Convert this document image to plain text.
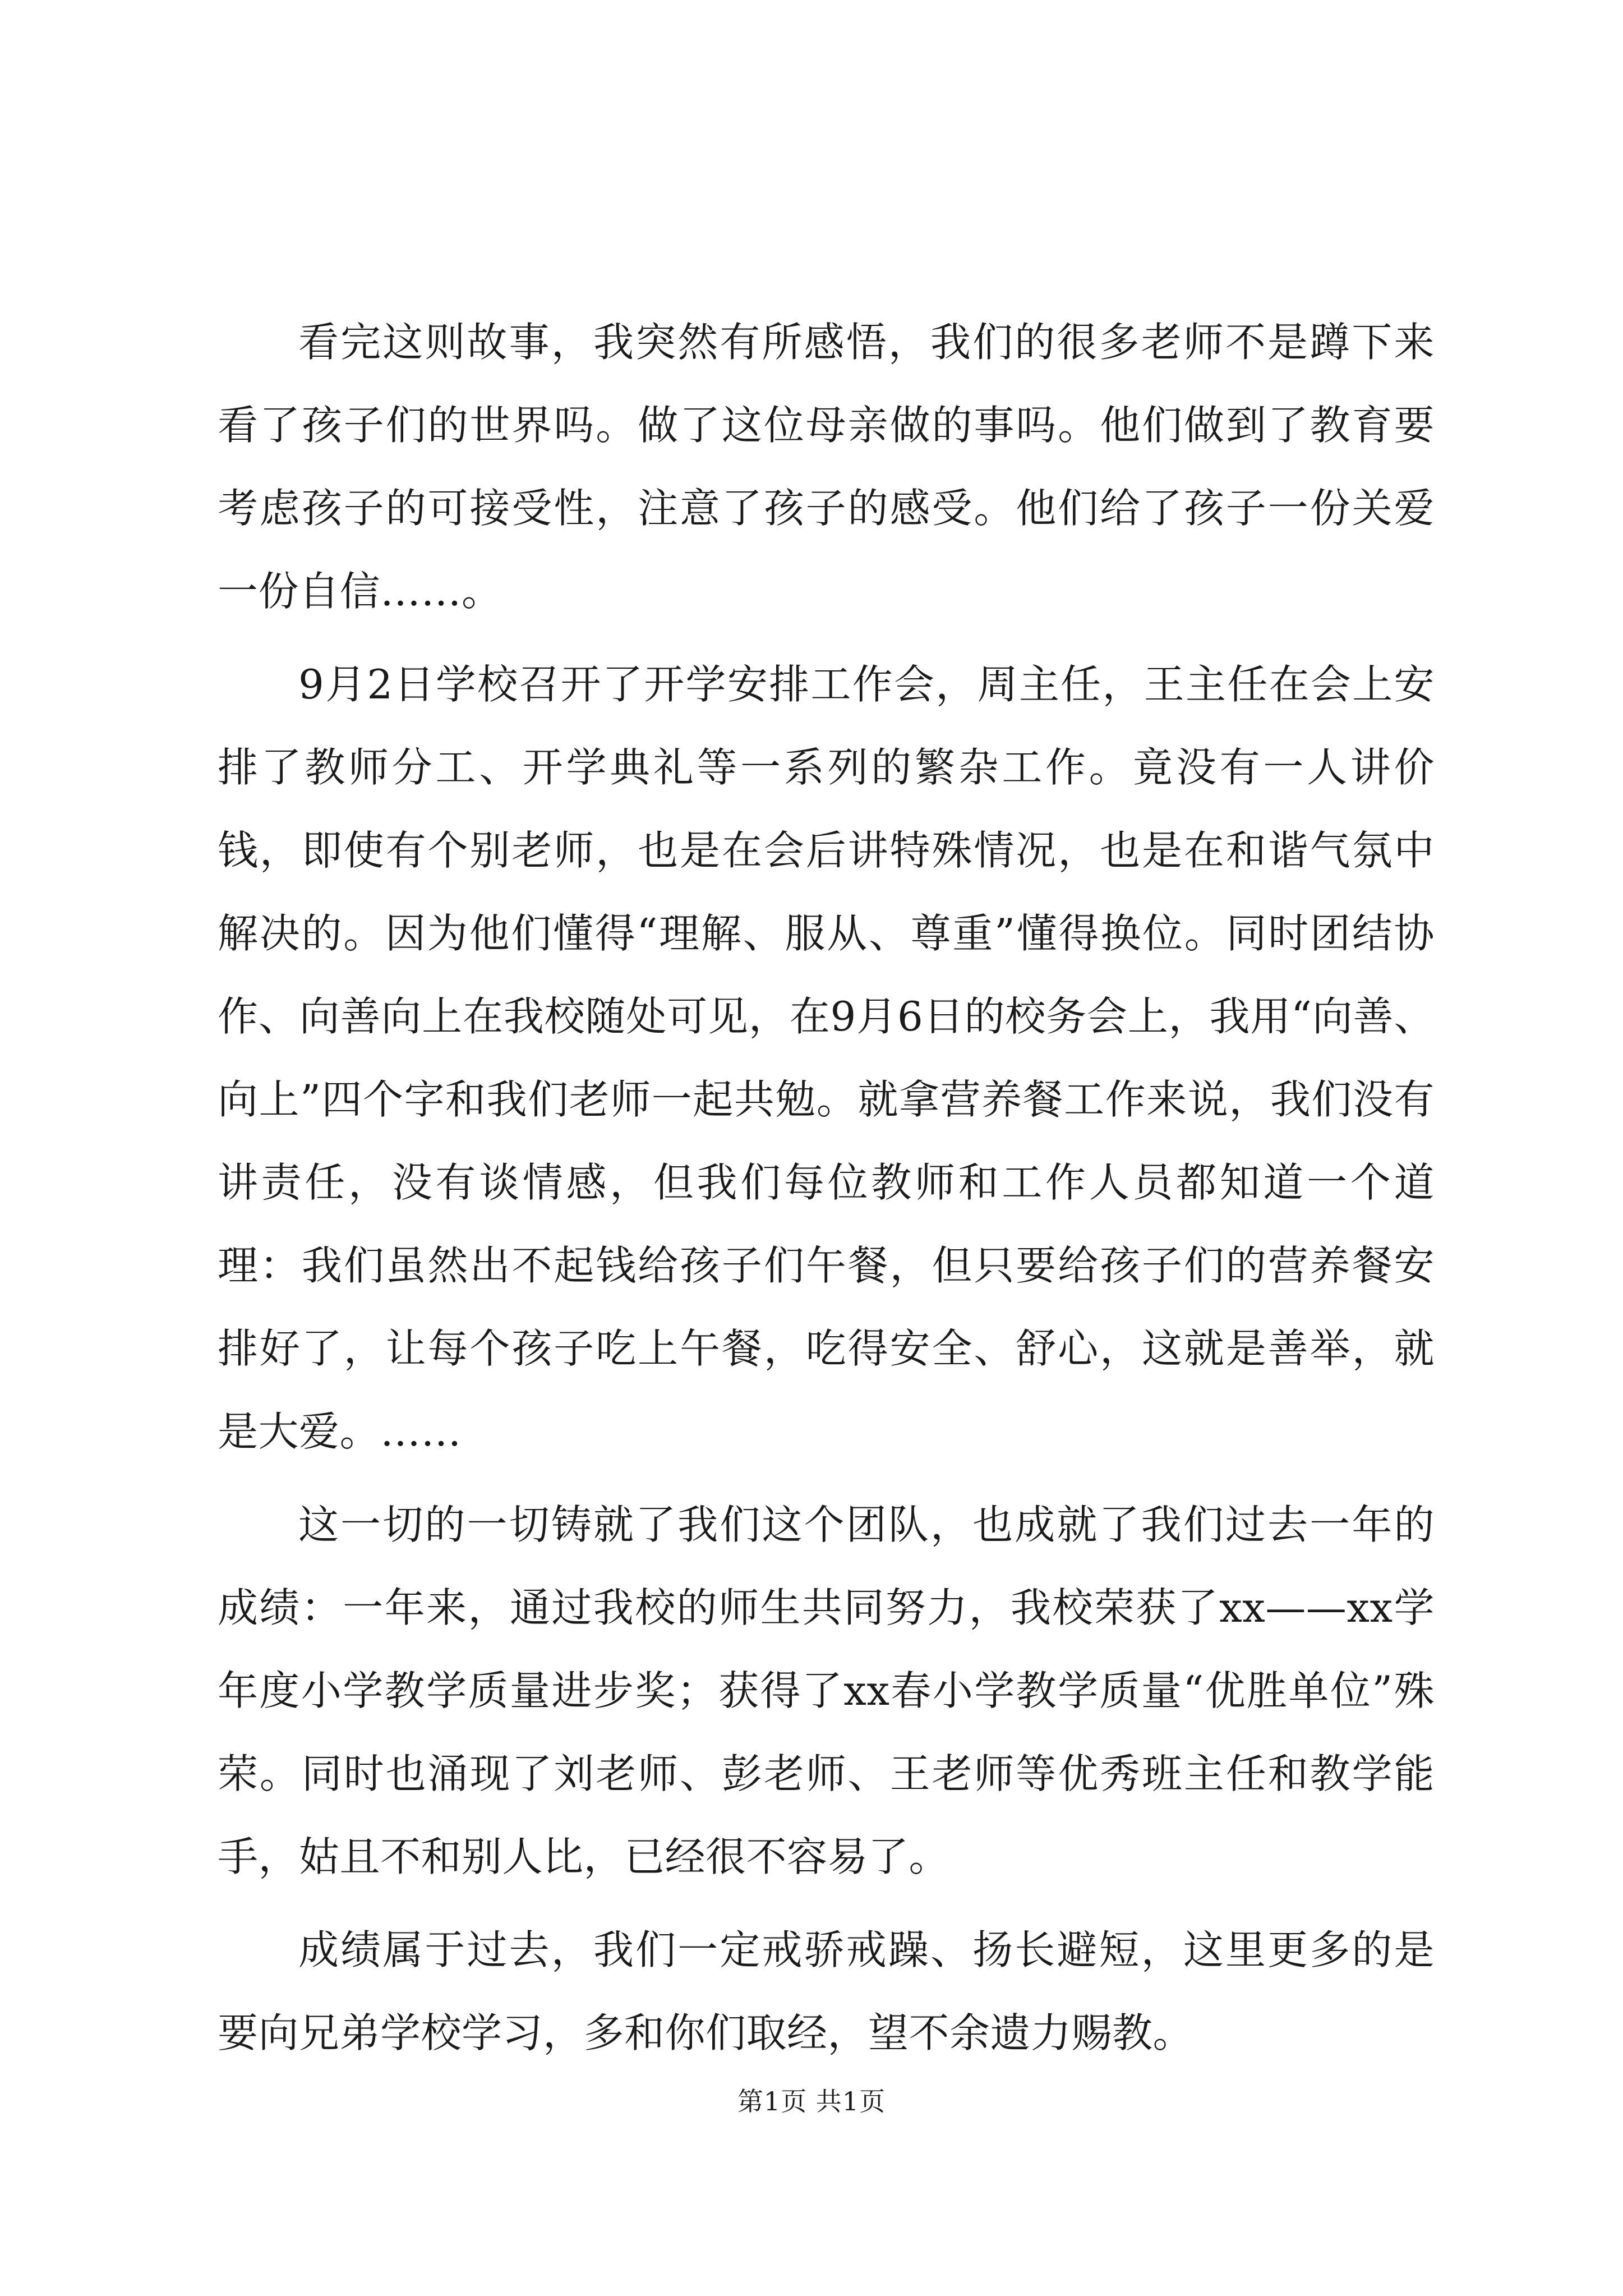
看完这则故事，我突然有所感悟，我们的很多老师不是蹲下来看了孩子们的世界吗。做了这位母亲做的事吗。他们做到了教育要考虑孩子的可接受性，注意了孩子的感受。他们给了孩子一份关爱一份自信……。

9月2日学校召开了开学安排工作会，周主任，王主任在会上安排了教师分工、开学典礼等一系列的繁杂工作。竟没有一人讲价钱，即使有个别老师，也是在会后讲特殊情况，也是在和谐气氛中解决的。因为他们懂得“理解、服从、尊重”懂得换位。同时团结协作、向善向上在我校随处可见，在9月6日的校务会上，我用“向善、向上”四个字和我们老师一起共勉。就拿营养餐工作来说，我们没有讲责任，没有谈情感，但我们每位教师和工作人员都知道一个道理：我们虽然出不起钱给孩子们午餐，但只要给孩子们的营养餐安排好了，让每个孩子吃上午餐，吃得安全、舒心，这就是善举，就是大爱。……

这一切的一切铸就了我们这个团队，也成就了我们过去一年的成绩：一年来，通过我校的师生共同努力，我校荣获了xx——xx学年度小学教学质量进步奖；获得了xx春小学教学质量“优胜单位”殊荣。同时也涌现了刘老师、彭老师、王老师等优秀班主任和教学能手，姑且不和别人比，已经很不容易了。

成绩属于过去，我们一定戒骄戒躁、扬长避短，这里更多的是要向兄弟学校学习，多和你们取经，望不余遗力赐教。

第1页 共1页
